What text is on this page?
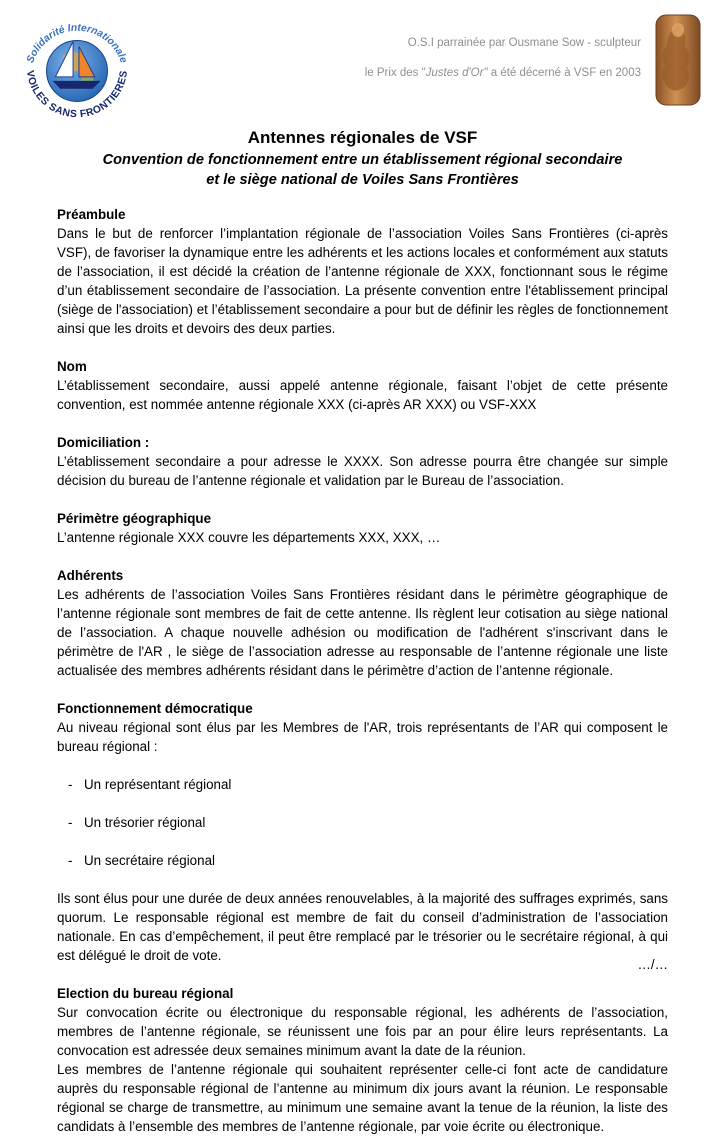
Solidarité Internationale
VOILES SANS FRONTIERES
O.S.I parrainée par Ousmane Sow - sculpteur
le Prix des "Justes d'Or" a été décerné à VSF en 2003
Antennes régionales de VSF
Convention de fonctionnement entre un établissement régional secondaire
et le siège national de Voiles Sans Frontières
Préambule

Dans le but de renforcer l’implantation régionale de l’association Voiles Sans Frontières (ci-après VSF), de favoriser la dynamique entre les adhérents et les actions locales et conformément aux statuts de l’association, il est décidé la création de l’antenne régionale de XXX, fonctionnant sous le régime d’un établissement secondaire de l’association. La présente convention entre l'établissement principal (siège de l'association) et l’établissement secondaire a pour but de définir les règles de fonctionnement ainsi que les droits et devoirs des deux parties.

Nom

L’établissement secondaire, aussi appelé antenne régionale, faisant l’objet de cette présente convention, est nommée antenne régionale XXX (ci-après AR XXX) ou VSF-XXX

Domiciliation :

L’établissement secondaire a pour adresse le XXXX. Son adresse pourra être changée sur simple décision du bureau de l’antenne régionale et validation par le Bureau de l’association.

Périmètre géographique

L’antenne régionale XXX couvre les départements XXX, XXX, …

Adhérents

Les adhérents de l’association Voiles Sans Frontières résidant dans le périmètre géographique de l’antenne régionale sont membres de fait de cette antenne. Ils règlent leur cotisation au siège national de l’association. A chaque nouvelle adhésion ou modification de l'adhérent s'inscrivant dans le périmètre de l'AR , le siège de l’association adresse au responsable de l’antenne régionale une liste actualisée des membres adhérents résidant dans le périmètre d’action de l’antenne régionale.

Fonctionnement démocratique

Au niveau régional sont élus par les Membres de l'AR, trois représentants de l’AR qui composent le bureau régional :

- Un représentant régional
- Un trésorier régional
- Un secrétaire régional

Ils sont élus pour une durée de deux années renouvelables, à la majorité des suffrages exprimés, sans quorum. Le responsable régional est membre de fait du conseil d’administration de l’association nationale. En cas d’empêchement, il peut être remplacé par le trésorier ou le secrétaire régional, à qui est délégué le droit de vote.

Election du bureau régional

Sur convocation écrite ou électronique du responsable régional, les adhérents de l’association, membres de l’antenne régionale, se réunissent une fois par an pour élire leurs représentants. La convocation est adressée deux semaines minimum avant la date de la réunion.

Les membres de l’antenne régionale qui souhaitent représenter celle-ci font acte de candidature auprès du responsable régional de l’antenne au minimum dix jours avant la réunion. Le responsable régional se charge de transmettre, au minimum une semaine avant la tenue de la réunion, la liste des candidats à l’ensemble des membres de l’antenne régionale, par voie écrite ou électronique.

…/…
